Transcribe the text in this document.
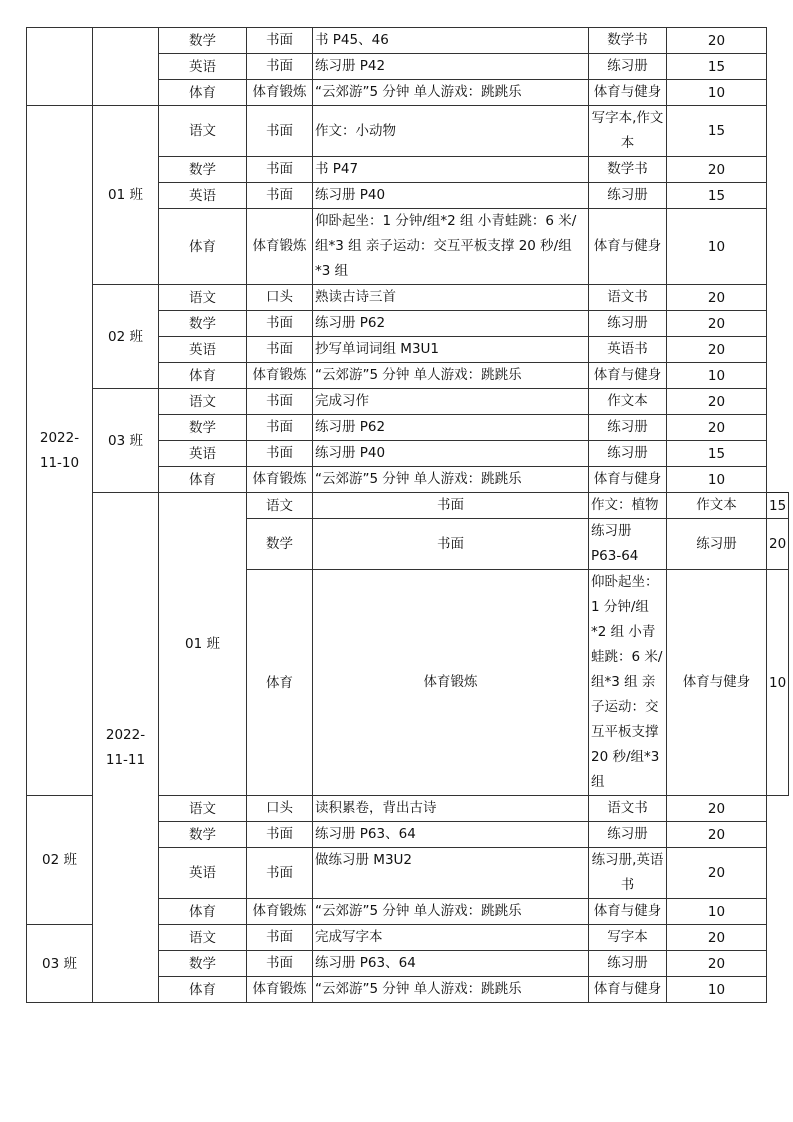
		数学	书面	书 P45、46	数学书	20	
		英语	书面	练习册 P42	练习册	15	
		体育	体育锻炼	“云郊游”5 分钟 单人游戏：跳跳乐	体育与健身	10	
2022-11-10	01 班	语文	书面	作文：小动物	写字本,作文本	15	
		数学	书面	书 P47	数学书	20	
		英语	书面	练习册 P40	练习册	15	
		体育	体育锻炼	仰卧起坐：1 分钟/组*2 组 小青蛙跳：6 米/组*3 组 亲子运动：交互平板支撑 20 秒/组*3 组	体育与健身	10	
	02 班	语文	口头	熟读古诗三首	语文书	20	
		数学	书面	练习册 P62	练习册	20	
		英语	书面	抄写单词词组 M3U1	英语书	20	
		体育	体育锻炼	“云郊游”5 分钟 单人游戏：跳跳乐	体育与健身	10	
	03 班	语文	书面	完成习作	作文本	20	
		数学	书面	练习册 P62	练习册	20	
		英语	书面	练习册 P40	练习册	15	
		体育	体育锻炼	“云郊游”5 分钟 单人游戏：跳跳乐	体育与健身	10	
	2022-11-11	01 班	语文	书面	作文：植物	作文本	15
			数学	书面	练习册 P63-64	练习册	20
			体育	体育锻炼	仰卧起坐：1 分钟/组*2 组 小青蛙跳：6 米/组*3 组 亲子运动：交互平板支撑 20 秒/组*3 组	体育与健身	10
02 班		语文	口头	读积累卷，背出古诗	语文书	20	
		数学	书面	练习册 P63、64	练习册	20	
		英语	书面	做练习册 M3U2	练习册,英语书	20	
		体育	体育锻炼	“云郊游”5 分钟 单人游戏：跳跳乐	体育与健身	10	
03 班		语文	书面	完成写字本	写字本	20	
		数学	书面	练习册 P63、64	练习册	20	
		体育	体育锻炼	“云郊游”5 分钟 单人游戏：跳跳乐	体育与健身	10	
